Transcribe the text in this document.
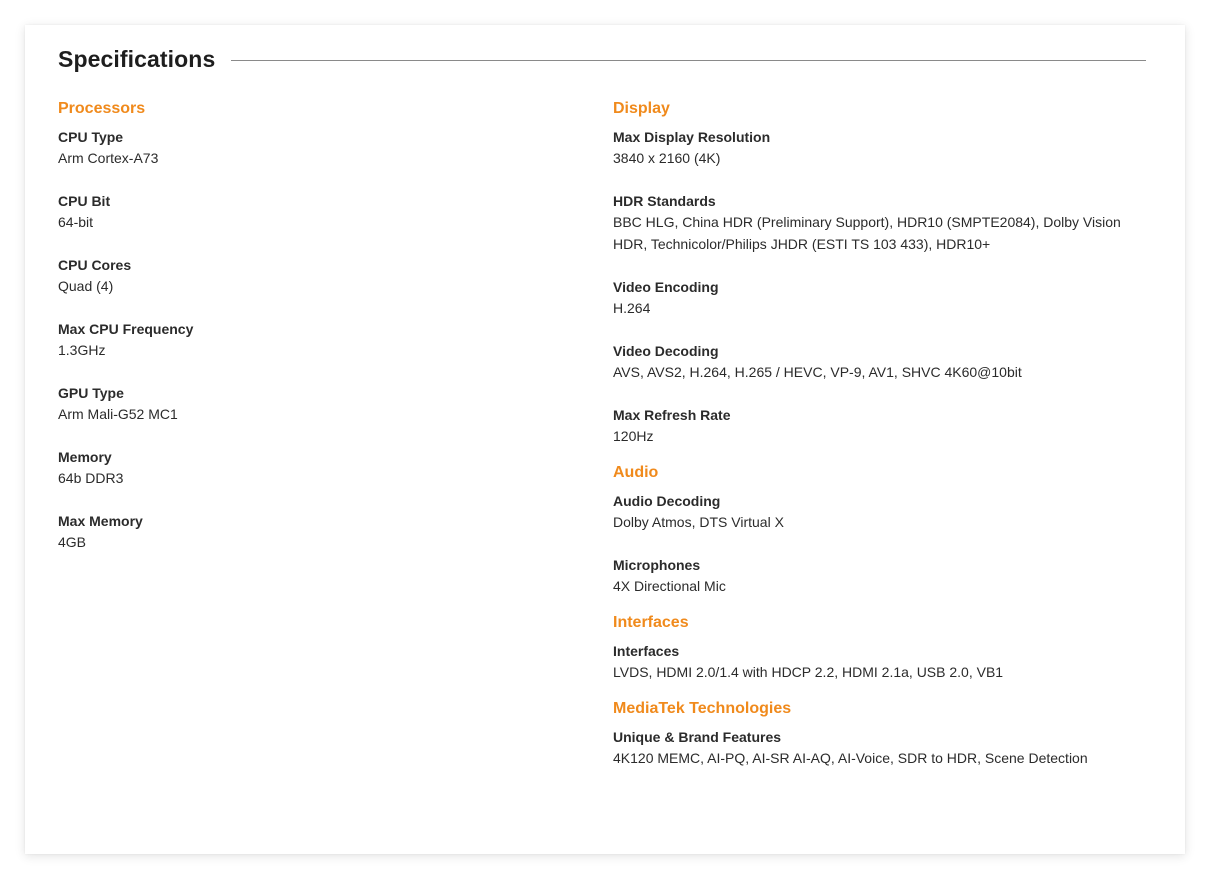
Specifications
Processors
CPU Type
Arm Cortex-A73
CPU Bit
64-bit
CPU Cores
Quad (4)
Max CPU Frequency
1.3GHz
GPU Type
Arm Mali-G52 MC1
Memory
64b DDR3
Max Memory
4GB
Display
Max Display Resolution
3840 x 2160 (4K)
HDR Standards
BBC HLG, China HDR (Preliminary Support), HDR10 (SMPTE2084), Dolby Vision HDR, Technicolor/Philips JHDR (ESTI TS 103 433), HDR10+
Video Encoding
H.264
Video Decoding
AVS, AVS2, H.264, H.265 / HEVC, VP-9, AV1, SHVC 4K60@10bit
Max Refresh Rate
120Hz
Audio
Audio Decoding
Dolby Atmos, DTS Virtual X
Microphones
4X Directional Mic
Interfaces
Interfaces
LVDS, HDMI 2.0/1.4 with HDCP 2.2, HDMI 2.1a, USB 2.0, VB1
MediaTek Technologies
Unique & Brand Features
4K120 MEMC, AI-PQ, AI-SR AI-AQ, AI-Voice, SDR to HDR, Scene Detection
